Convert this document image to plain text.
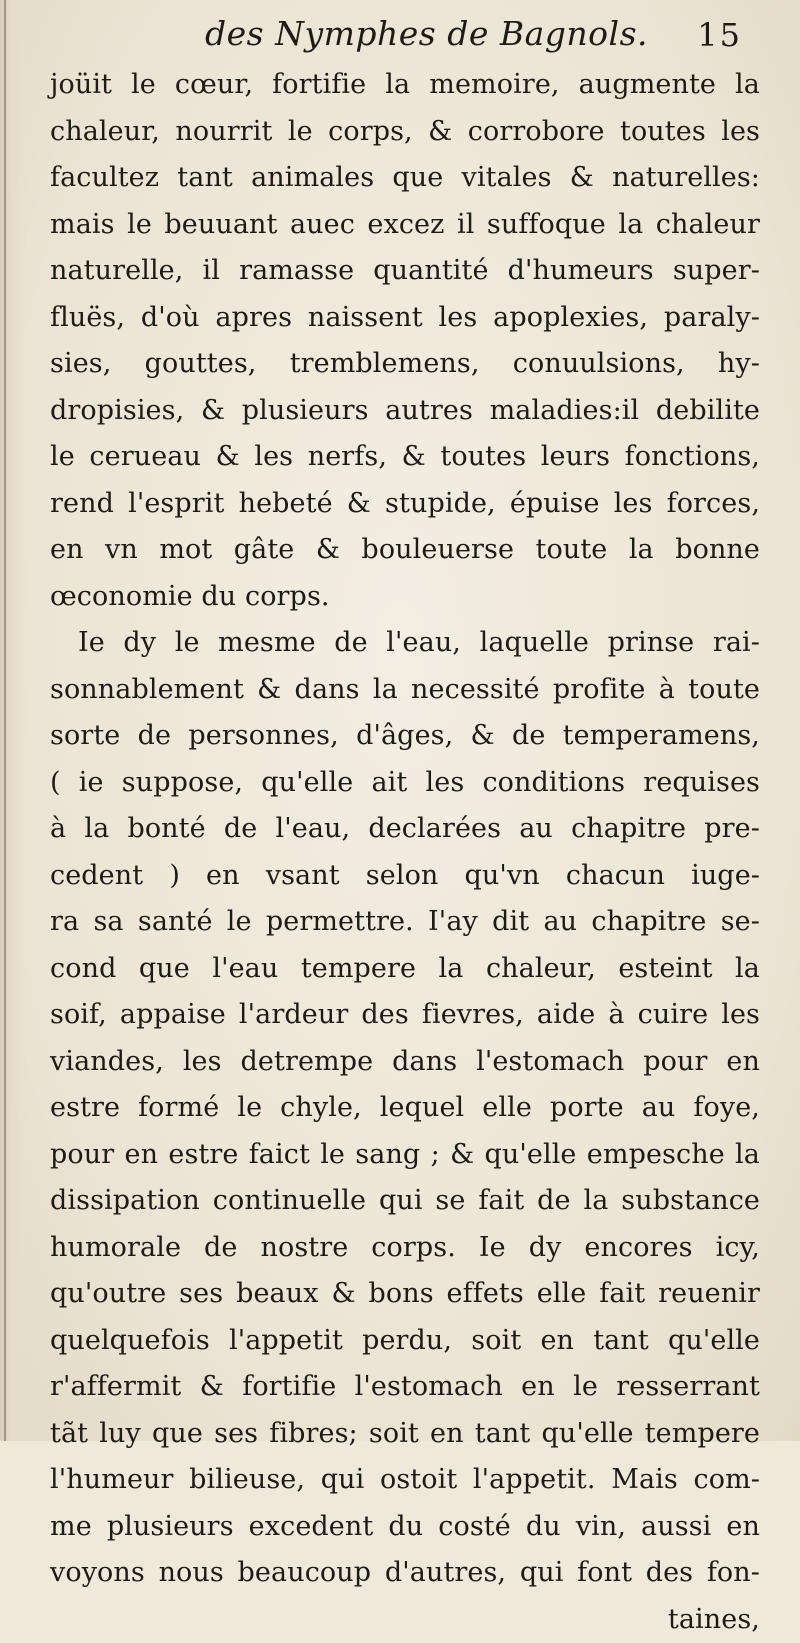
des Nymphes de Bagnols. 15
joüit le cœur, fortifie la memoire, augmente la
chaleur, nourrit le corps, & corrobore toutes les
facultez tant animales que vitales & naturelles:
mais le beuuant auec excez il suffoque la chaleur
naturelle, il ramasse quantité d'humeurs super-
fluës, d'où apres naissent les apoplexies, paraly-
sies, gouttes, tremblemens, conuulsions, hy-
dropisies, & plusieurs autres maladies:il debilite
le cerueau & les nerfs, & toutes leurs fonctions,
rend l'esprit hebeté & stupide, épuise les forces,
en vn mot gâte & bouleuerse toute la bonne
œconomie du corps.
Ie dy le mesme de l'eau, laquelle prinse rai-
sonnablement & dans la necessité profite à toute
sorte de personnes, d'âges, & de temperamens,
( ie suppose, qu'elle ait les conditions requises
à la bonté de l'eau, declarées au chapitre pre-
cedent ) en vsant selon qu'vn chacun iuge-
ra sa santé le permettre. I'ay dit au chapitre se-
cond que l'eau tempere la chaleur, esteint la
soif, appaise l'ardeur des fievres, aide à cuire les
viandes, les detrempe dans l'estomach pour en
estre formé le chyle, lequel elle porte au foye,
pour en estre faict le sang ; & qu'elle empesche la
dissipation continuelle qui se fait de la substance
humorale de nostre corps. Ie dy encores icy,
qu'outre ses beaux & bons effets elle fait reuenir
quelquefois l'appetit perdu, soit en tant qu'elle
r'affermit & fortifie l'estomach en le resserrant
tãt luy que ses fibres; soit en tant qu'elle tempere
l'humeur bilieuse, qui ostoit l'appetit. Mais com-
me plusieurs excedent du costé du vin, aussi en
voyons nous beaucoup d'autres, qui font des fon-
taines,
